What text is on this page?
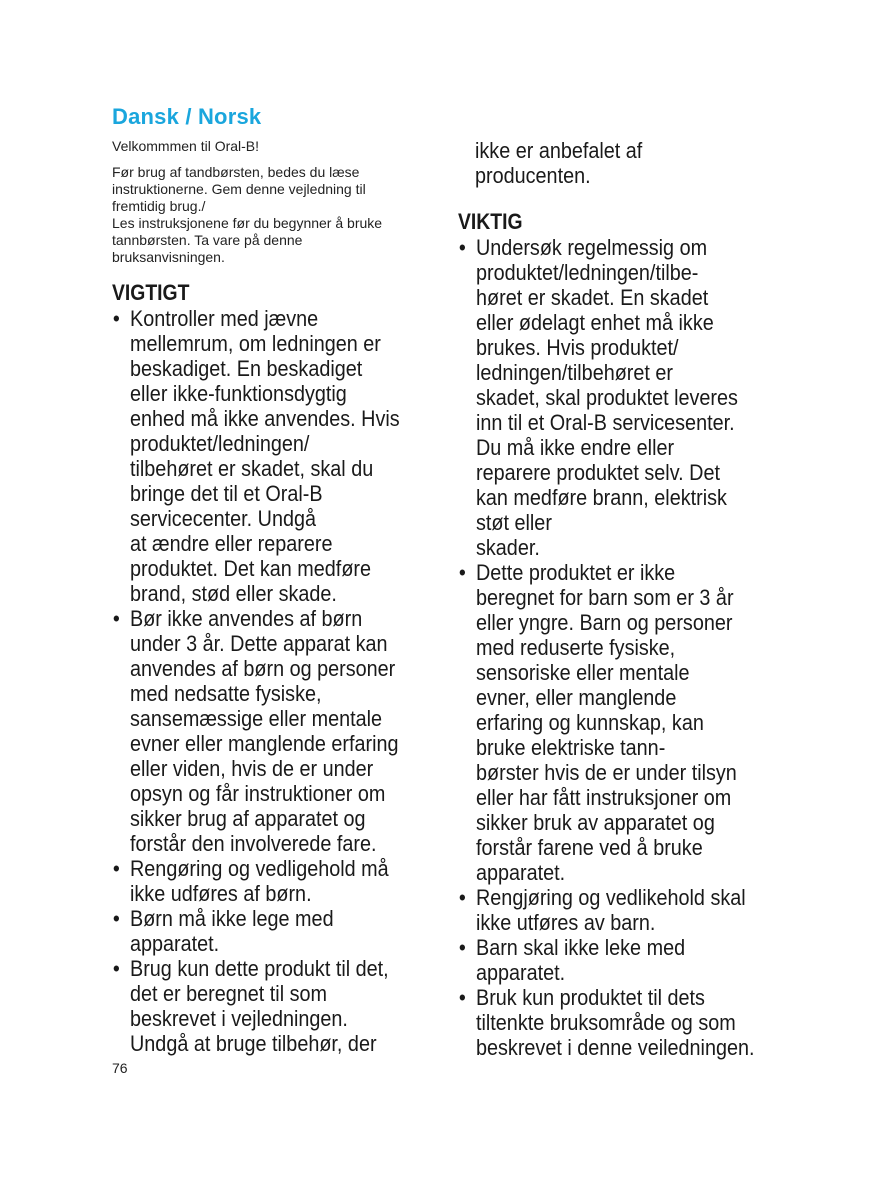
Dansk / Norsk
Velkommmen til Oral-B!
Før brug af tandbørsten, bedes du læse
instruktionerne. Gem denne vejledning til
fremtidig brug./
Les instruksjonene før du begynner å bruke
tannbørsten. Ta vare på denne
bruksanvisningen.
VIGTIGT
• Kontroller med jævne
mellemrum, om ledningen er
beskadiget. En beskadiget
eller ikke-funktionsdygtig
enhed må ikke anvendes. Hvis
produktet/ledningen/
tilbehøret er skadet, skal du
bringe det til et Oral-B
servicecenter. Undgå
at ændre eller reparere
produktet. Det kan medføre
brand, stød eller skade.
• Bør ikke anvendes af børn
under 3 år. Dette apparat kan
anvendes af børn og personer
med nedsatte fysiske,
sansemæssige eller mentale
evner eller manglende erfaring
eller viden, hvis de er under
opsyn og får instruktioner om
sikker brug af apparatet og
forstår den involverede fare.
• Rengøring og vedligehold må
ikke udføres af børn.
• Børn må ikke lege med
apparatet.
• Brug kun dette produkt til det,
det er beregnet til som
beskrevet i vejledningen.
Undgå at bruge tilbehør, der
ikke er anbefalet af
producenten.
VIKTIG
• Undersøk regelmessig om
produktet/ledningen/tilbe-
høret er skadet. En skadet
eller ødelagt enhet må ikke
brukes. Hvis produktet/
ledningen/tilbehøret er
skadet, skal produktet leveres
inn til et Oral-B servicesenter.
Du må ikke endre eller
reparere produktet selv. Det
kan medføre brann, elektrisk
støt eller
skader.
• Dette produktet er ikke
beregnet for barn som er 3 år
eller yngre. Barn og personer
med reduserte fysiske,
sensoriske eller mentale
evner, eller manglende
erfaring og kunnskap, kan
bruke elektriske tann-
børster hvis de er under tilsyn
eller har fått instruksjoner om
sikker bruk av apparatet og
forstår farene ved å bruke
apparatet.
• Rengjøring og vedlikehold skal
ikke utføres av barn.
• Barn skal ikke leke med
apparatet.
• Bruk kun produktet til dets
tiltenkte bruksområde og som
beskrevet i denne veiledningen.
76
